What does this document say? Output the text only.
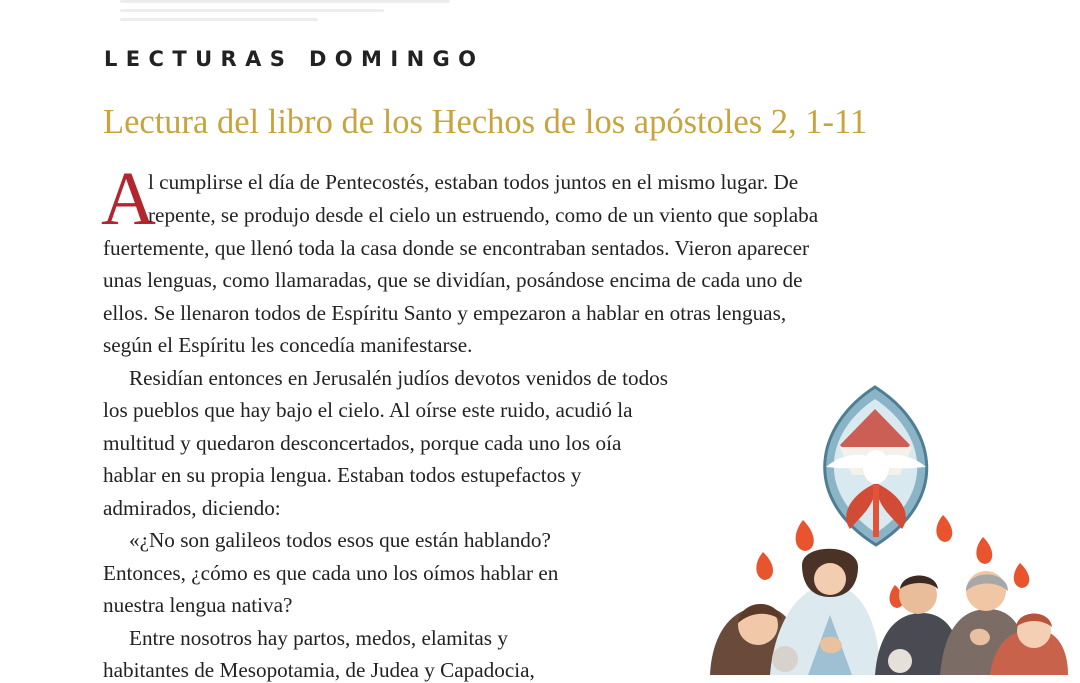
LECTURAS DOMINGO
Lectura del libro de los Hechos de los apóstoles 2, 1-11
A

l cumplirse el día de Pentecostés, estaban todos juntos en el mismo lugar. De

repente, se produjo desde el cielo un estruendo, como de un viento que soplaba

fuertemente, que llenó toda la casa donde se encontraban sentados. Vieron aparecer

unas lenguas, como llamaradas, que se dividían, posándose encima de cada uno de

ellos. Se llenaron todos de Espíritu Santo y empezaron a hablar en otras lenguas,

según el Espíritu les concedía manifestarse.

Residían entonces en Jerusalén judíos devotos venidos de todos

los pueblos que hay bajo el cielo. Al oírse este ruido, acudió la

multitud y quedaron desconcertados, porque cada uno los oía

hablar en su propia lengua. Estaban todos estupefactos y

admirados, diciendo:

«¿No son galileos todos esos que están hablando?

Entonces, ¿cómo es que cada uno los oímos hablar en

nuestra lengua nativa?

Entre nosotros hay partos, medos, elamitas y

habitantes de Mesopotamia, de Judea y Capadocia,
